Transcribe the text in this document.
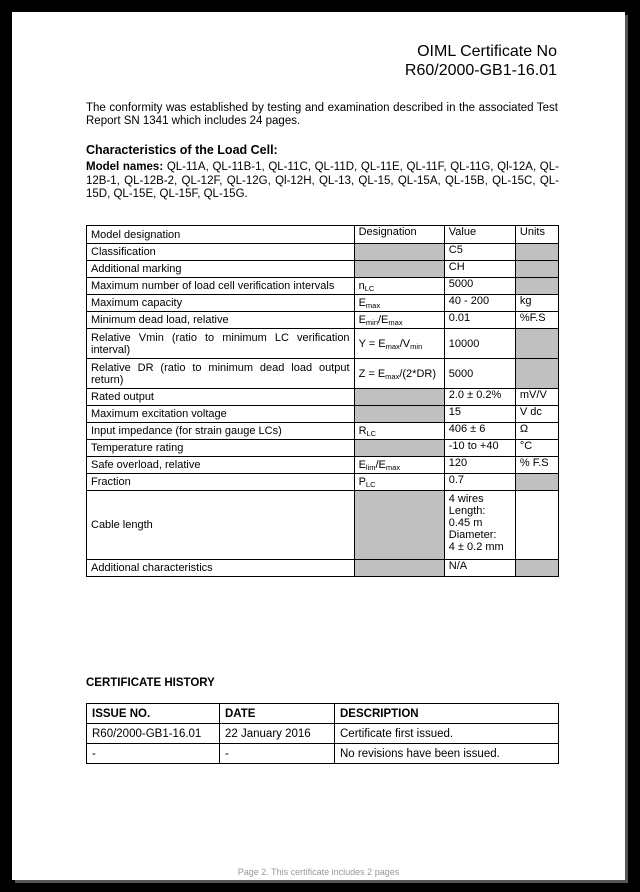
OIML Certificate No
R60/2000-GB1-16.01
The conformity was established by testing and examination described in the associated Test Report SN 1341 which includes 24 pages.
Characteristics of the Load Cell:
Model names: QL-11A, QL-11B-1, QL-11C, QL-11D, QL-11E, QL-11F, QL-11G, Ql-12A, QL-12B-1, QL-12B-2, QL-12F, QL-12G, Ql-12H, QL-13, QL-15, QL-15A, QL-15B, QL-15C, QL-15D, QL-15E, QL-15F, QL-15G.
Model designation	Designation	Value	Units
Classification		C5	
Additional marking		CH	
Maximum number of load cell verification intervals	$n_{LC}$	5000	
Maximum capacity	$E_{max}$	40 - 200	kg
Minimum dead load, relative	$E_{min}/E_{max}$	0.01	%F.S
Relative Vmin (ratio to minimum LC verification interval)	$Y = E_{max}/V_{min}$	10000	
Relative DR (ratio to minimum dead load output return)	$Z = E_{max}/(2*DR)$	5000	
Rated output		2.0 ± 0.2%	mV/V
Maximum excitation voltage		15	V dc
Input impedance (for strain gauge LCs)	$R_{LC}$	406 ± 6	Ω
Temperature rating		-10 to +40	°C
Safe overload, relative	$E_{lim}/E_{max}$	120	% F.S
Fraction	$P_{LC}$	0.7	
Cable length		4 wires
Length:
0.45 m
Diameter:
4 ± 0.2 mm	

Additional characteristics		N/A	
CERTIFICATE HISTORY
ISSUE NO.	DATE	DESCRIPTION
R60/2000-GB1-16.01	22 January 2016	Certificate first issued.
-	-	No revisions have been issued.
Page 2. This certificate includes 2 pages
